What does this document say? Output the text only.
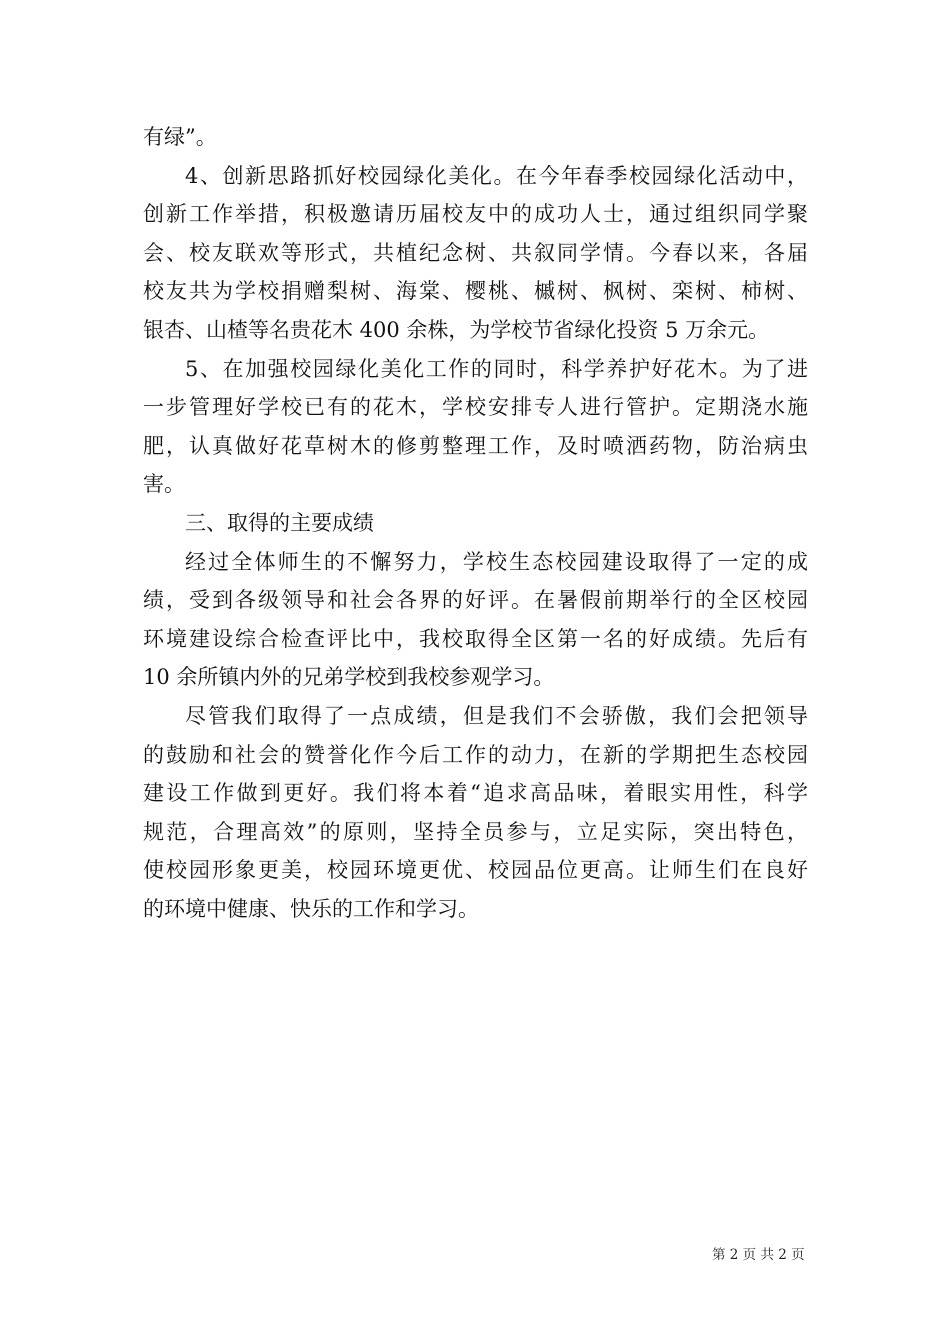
有绿”。
4、创新思路抓好校园绿化美化。在今年春季校园绿化活动中，
创新工作举措，积极邀请历届校友中的成功人士，通过组织同学聚
会、校友联欢等形式，共植纪念树、共叙同学情。今春以来，各届
校友共为学校捐赠梨树、海棠、樱桃、槭树、枫树、栾树、柿树、
银杏、山楂等名贵花木 400 余株，为学校节省绿化投资 5 万余元。
5、在加强校园绿化美化工作的同时，科学养护好花木。为了进
一步管理好学校已有的花木，学校安排专人进行管护。定期浇水施
肥，认真做好花草树木的修剪整理工作，及时喷洒药物，防治病虫
害。
三、取得的主要成绩
经过全体师生的不懈努力，学校生态校园建设取得了一定的成
绩，受到各级领导和社会各界的好评。在暑假前期举行的全区校园
环境建设综合检查评比中，我校取得全区第一名的好成绩。先后有
10 余所镇内外的兄弟学校到我校参观学习。
尽管我们取得了一点成绩，但是我们不会骄傲，我们会把领导
的鼓励和社会的赞誉化作今后工作的动力，在新的学期把生态校园
建设工作做到更好。我们将本着“追求高品味，着眼实用性，科学
规范，合理高效”的原则，坚持全员参与，立足实际，突出特色，
使校园形象更美，校园环境更优、校园品位更高。让师生们在良好
的环境中健康、快乐的工作和学习。
第 2 页 共 2 页
